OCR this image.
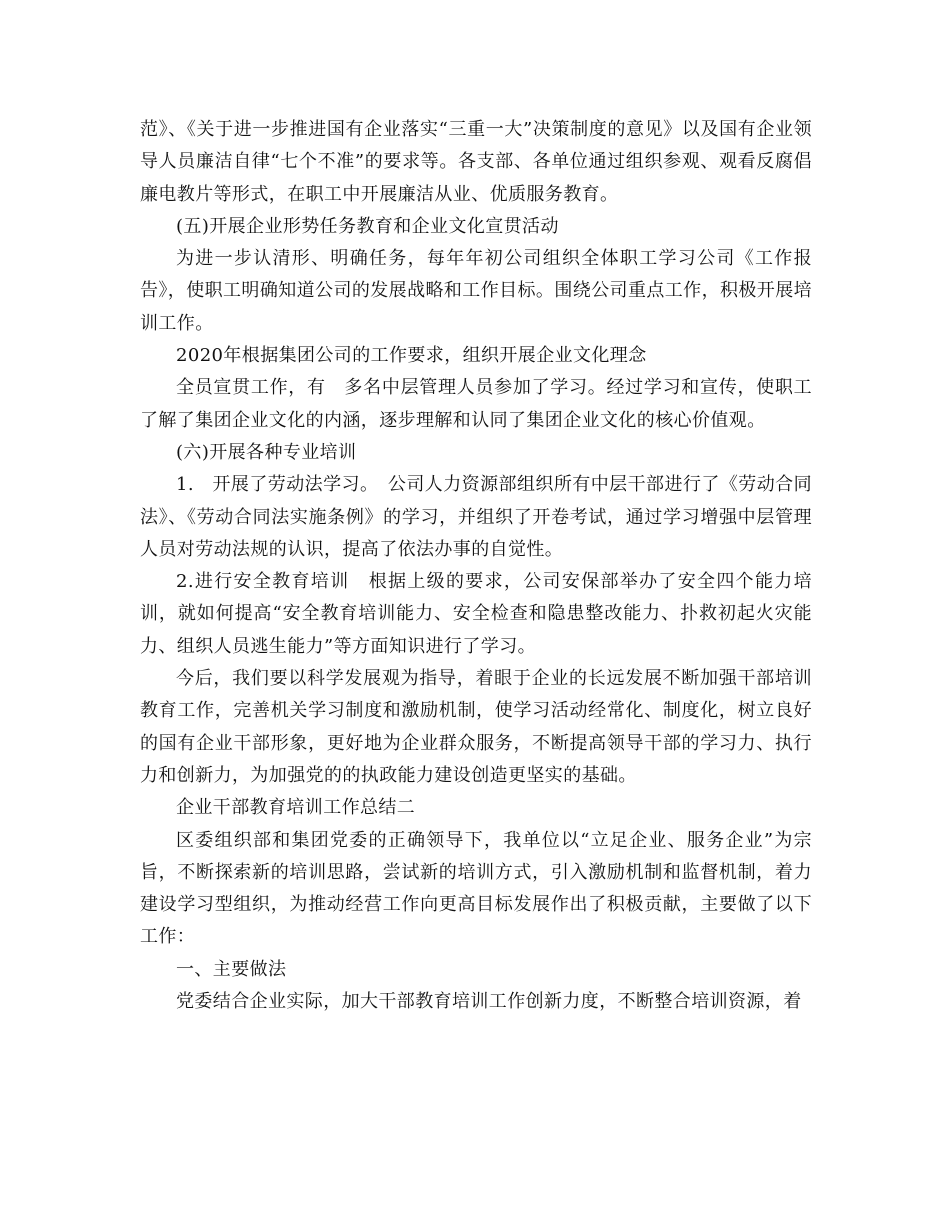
范》、《关于进一步推进国有企业落实“三重一大”决策制度的意见》以及国有企业领导人员廉洁自律“七个不准”的要求等。各支部、各单位通过组织参观、观看反腐倡廉电教片等形式，在职工中开展廉洁从业、优质服务教育。

(五)开展企业形势任务教育和企业文化宣贯活动

为进一步认清形、明确任务，每年年初公司组织全体职工学习公司《工作报告》，使职工明确知道公司的发展战略和工作目标。围绕公司重点工作，积极开展培训工作。

2020年根据集团公司的工作要求，组织开展企业文化理念

全员宣贯工作，有　多名中层管理人员参加了学习。经过学习和宣传，使职工了解了集团企业文化的内涵，逐步理解和认同了集团企业文化的核心价值观。

(六)开展各种专业培训

1.　开展了劳动法学习。　公司人力资源部组织所有中层干部进行了《劳动合同法》、《劳动合同法实施条例》的学习，并组织了开卷考试，通过学习增强中层管理人员对劳动法规的认识，提高了依法办事的自觉性。

2.进行安全教育培训　根据上级的要求，公司安保部举办了安全四个能力培训，就如何提高“安全教育培训能力、安全检查和隐患整改能力、扑救初起火灾能力、组织人员逃生能力”等方面知识进行了学习。

今后，我们要以科学发展观为指导，着眼于企业的长远发展不断加强干部培训教育工作，完善机关学习制度和激励机制，使学习活动经常化、制度化，树立良好的国有企业干部形象，更好地为企业群众服务，不断提高领导干部的学习力、执行力和创新力，为加强党的的执政能力建设创造更坚实的基础。

企业干部教育培训工作总结二

区委组织部和集团党委的正确领导下，我单位以“立足企业、服务企业”为宗旨，不断探索新的培训思路，尝试新的培训方式，引入激励机制和监督机制，着力建设学习型组织，为推动经营工作向更高目标发展作出了积极贡献，主要做了以下工作：

一、主要做法

党委结合企业实际，加大干部教育培训工作创新力度，不断整合培训资源，着
